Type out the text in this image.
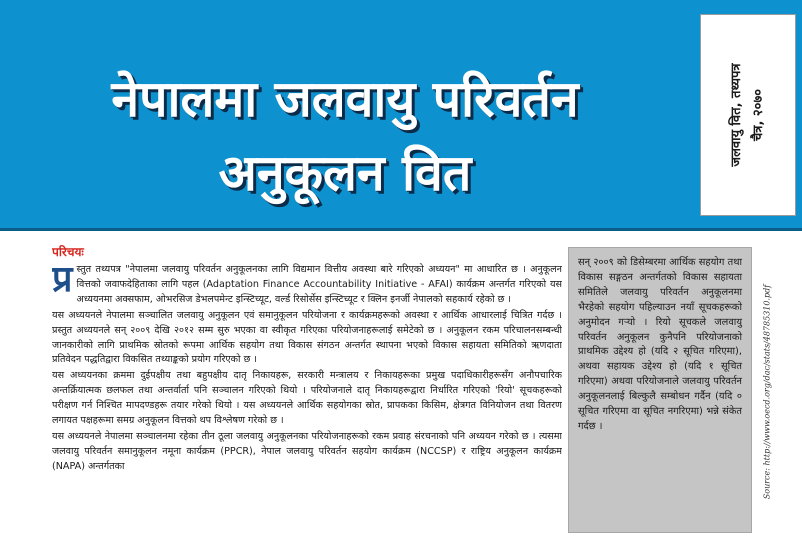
नेपालमा जलवायु परिवर्तन
अनुकूलन वित
जलवायु वित, तथ्यपत्र चैत्र, २०७०
परिचयः

प्र स्तुत तथ्यपत्र "नेपालमा जलवायु परिवर्तन अनुकूलनका लागि विद्यमान वित्तीय अवस्था बारे गरिएको अध्ययन" मा आधारित छ । अनुकूलन वित्तको जवाफदेहिताका लागि पहल (Adaptation Finance Accountability Initiative - AFAI) कार्यक्रम अन्तर्गत गरिएको यस अध्ययनमा अक्सफाम, ओभरसिज डेभलपमेन्ट इन्स्टिच्यूट, वर्ल्ड रिसोर्सेस इन्स्टिच्यूट र क्लिन इनर्जी नेपालको सहकार्य रहेको छ ।

यस अध्ययनले नेपालमा सञ्चालित जलवायु अनुकूलन एवं समानुकूलन परियोजना र कार्यक्रमहरूको अवस्था र आर्थिक आधारलाई चित्रित गर्दछ । प्रस्तुत अध्ययनले सन् २००९ देखि २०१२ सम्म सुरु भएका वा स्वीकृत गरिएका परियोजनाहरूलाई समेटेको छ । अनुकूलन रकम परिचालनसम्बन्धी जानकारीको लागि प्राथमिक स्रोतको रूपमा आर्थिक सहयोग तथा विकास संगठन अन्तर्गत स्थापना भएको विकास सहायता समितिको ऋणदाता प्रतिवेदन पद्धतिद्वारा विकसित तथ्याङ्कको प्रयोग गरिएको छ ।

यस अध्ययनका क्रममा दुईपक्षीय तथा बहुपक्षीय दातृ निकायहरू, सरकारी मन्त्रालय र निकायहरूका प्रमुख पदाधिकारीहरूसँग अनौपचारिक अन्तर्क्रियात्मक छलफल तथा अन्तर्वार्ता पनि सञ्चालन गरिएको थियो । परियोजनाले दातृ निकायहरूद्वारा निर्धारित गरिएको 'रियो' सूचकहरूको परीक्षण गर्न निश्चित मापदण्डहरू तयार गरेको थियो । यस अध्ययनले आर्थिक सहयोगका स्रोत, प्रापकका किसिम, क्षेत्रगत विनियोजन तथा वितरण लगायत पक्षहरूमा समग्र अनुकूलन वित्तको थप विश्लेषण गरेको छ ।

यस अध्ययनले नेपालमा सञ्चालनमा रहेका तीन ठूला जलवायु अनुकूलनका परियोजनाहरूको रकम प्रवाह संरचनाको पनि अध्ययन गरेको छ । त्यसमा जलवायु परिवर्तन समानुकूलन नमूना कार्यक्रम (PPCR), नेपाल जलवायु परिवर्तन सहयोग कार्यक्रम (NCCSP) र राष्ट्रिय अनुकूलन कार्यक्रम (NAPA) अन्तर्गतका

सन् २००९ को डिसेम्बरमा आर्थिक सहयोग तथा विकास सङ्गठन अन्तर्गतको विकास सहायता समितिले जलवायु परिवर्तन अनुकूलनमा भैरहेको सहयोग पहिल्याउन नयाँ सूचकहरूको अनुमोदन गऱ्यो । रियो सूचकले जलवायु परिवर्तन अनुकूलन कुनैपनि परियोजनाको प्राथमिक उद्देश्य हो (यदि २ सूचित गरिएमा), अथवा सहायक उद्देश्य हो (यदि १ सूचित गरिएमा) अथवा परियोजनाले जलवायु परिवर्तन अनुकूलनलाई बिल्कुलै सम्बोधन गर्दैन (यदि ० सूचित गरिएमा वा सूचित नगरिएमा) भन्ने संकेत गर्दछ ।	Source: http://www.oecd.org/dac/stats/48785310.pdf
